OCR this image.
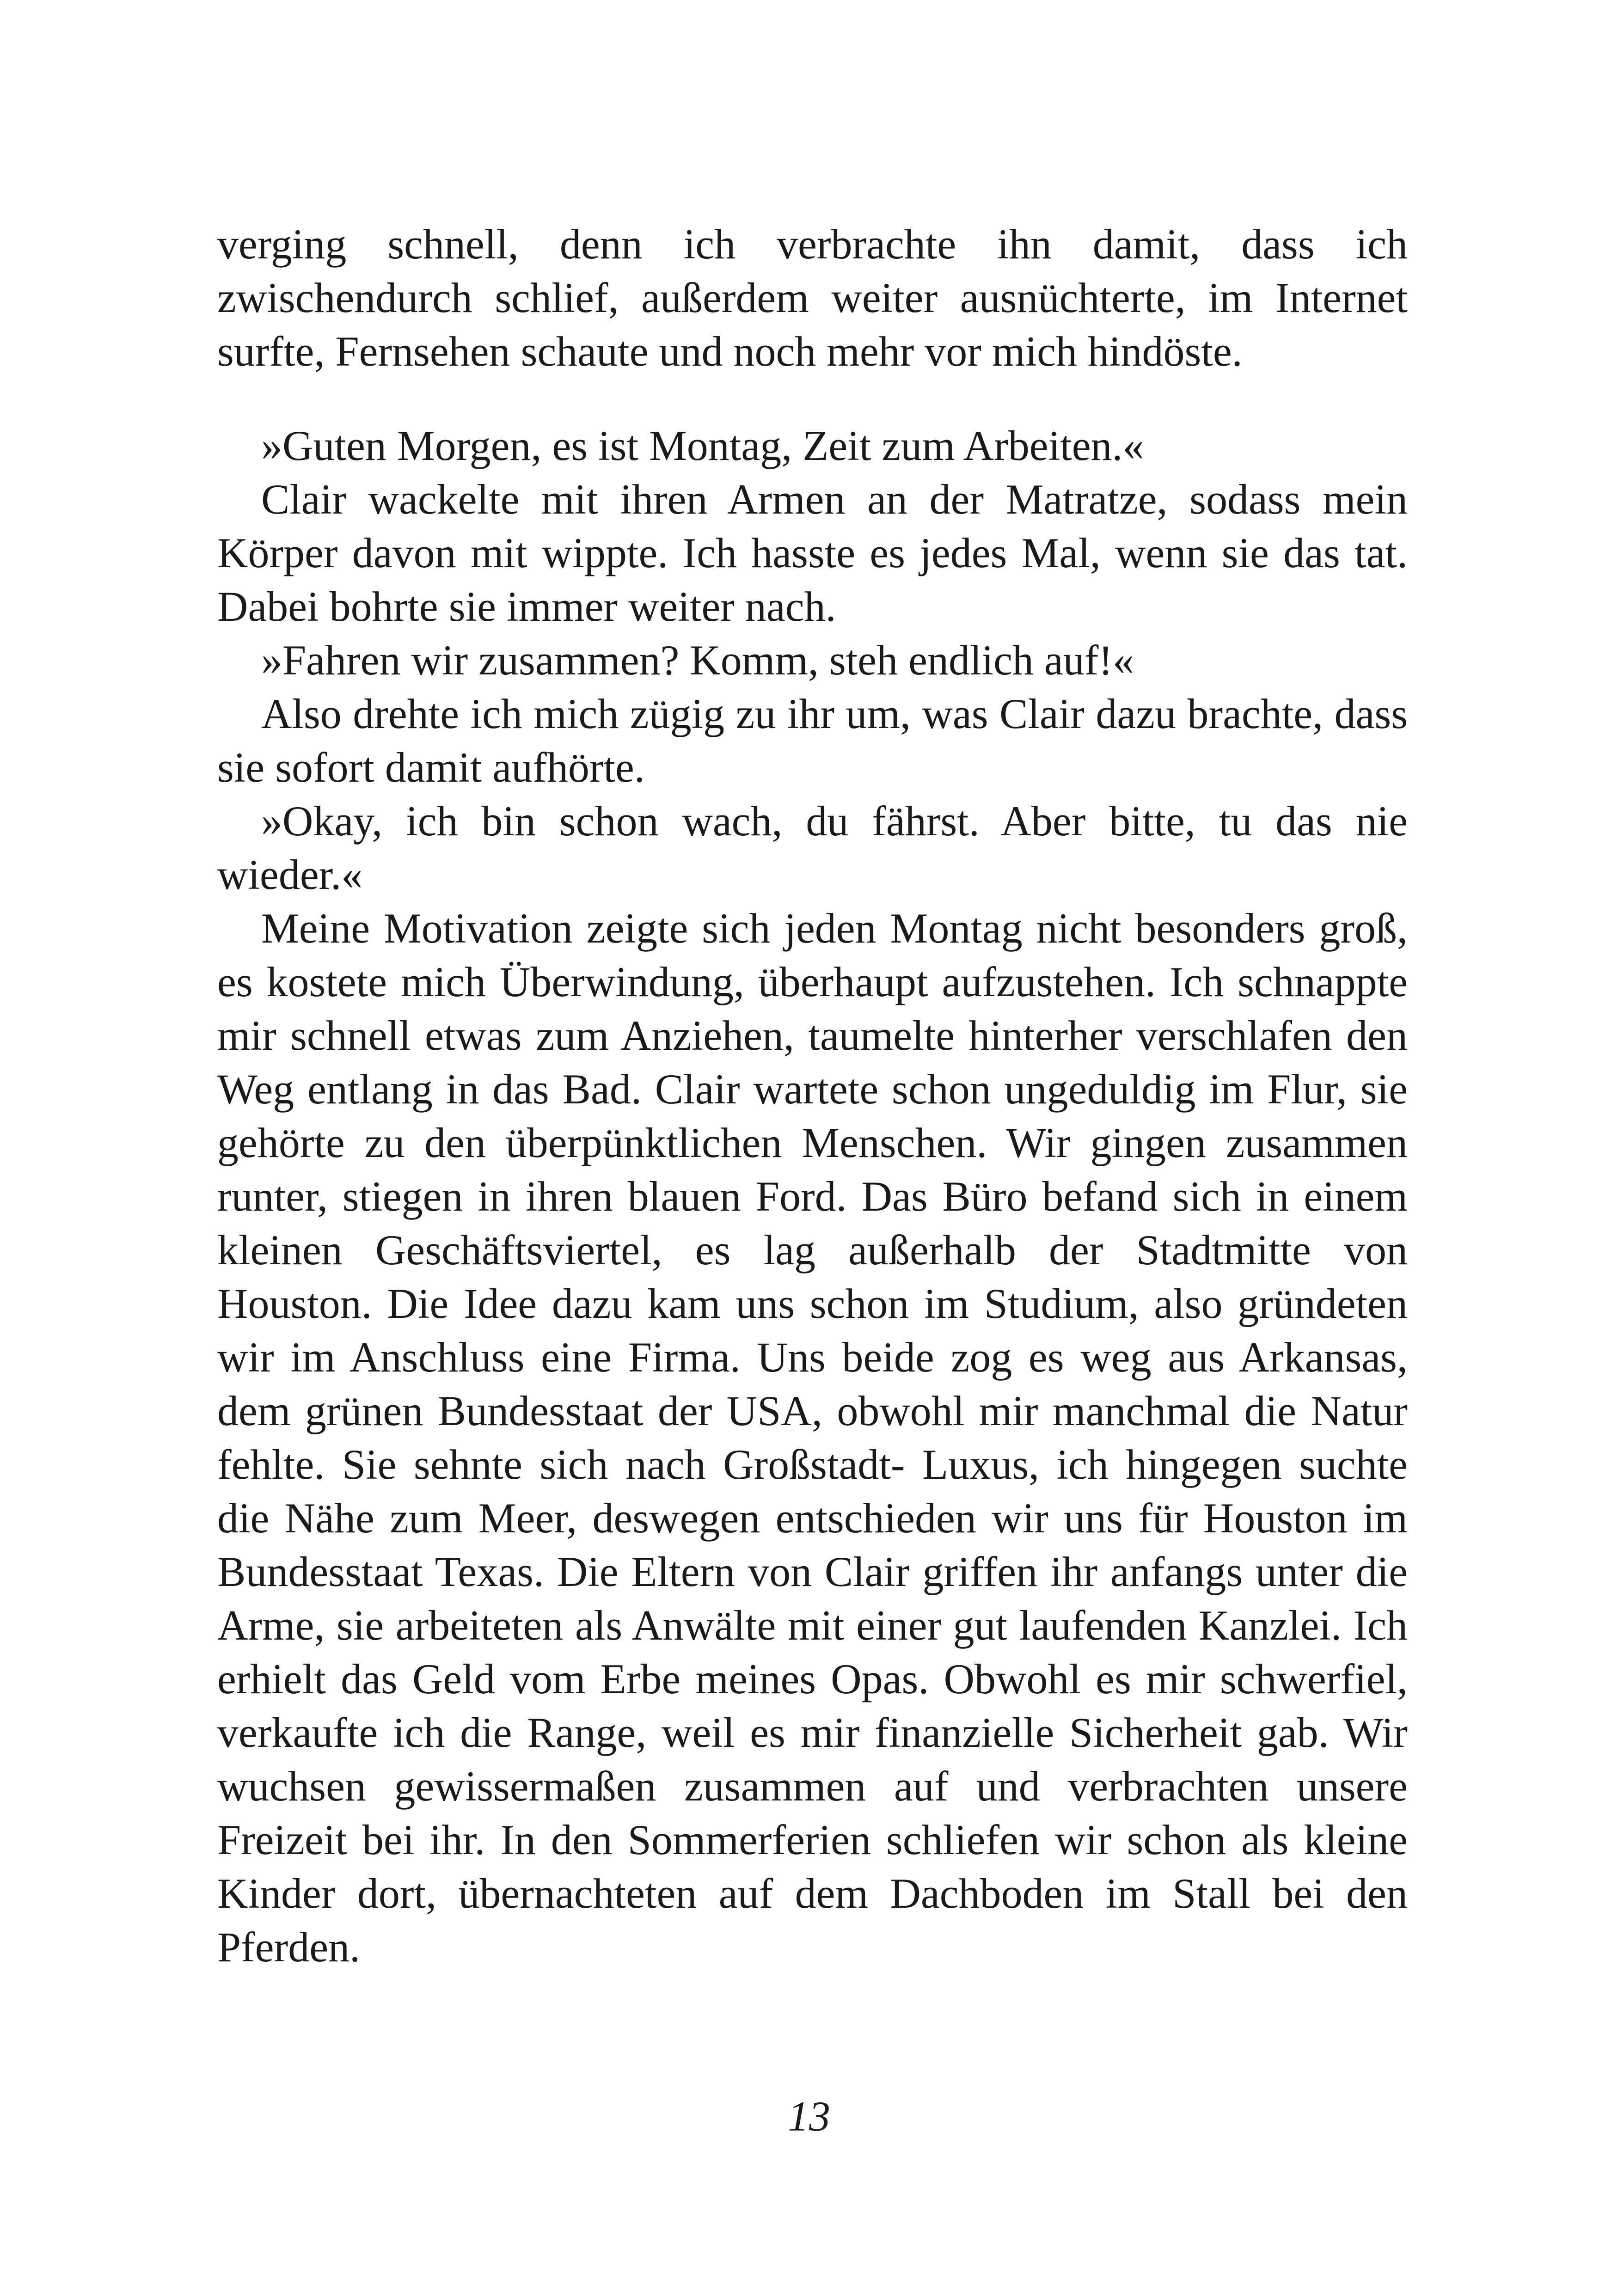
verging schnell, denn ich verbrachte ihn damit, dass ich zwischendurch schlief, außerdem weiter ausnüchterte, im Internet surfte, Fernsehen schaute und noch mehr vor mich hindöste.

»Guten Morgen, es ist Montag, Zeit zum Arbeiten.«

Clair wackelte mit ihren Armen an der Matratze, sodass mein Körper davon mit wippte. Ich hasste es jedes Mal, wenn sie das tat. Dabei bohrte sie immer weiter nach.

»Fahren wir zusammen? Komm, steh endlich auf!«

Also drehte ich mich zügig zu ihr um, was Clair dazu brachte, dass sie sofort damit aufhörte.

»Okay, ich bin schon wach, du fährst. Aber bitte, tu das nie wieder.«

Meine Motivation zeigte sich jeden Montag nicht besonders groß, es kostete mich Überwindung, überhaupt aufzustehen. Ich schnappte mir schnell etwas zum Anziehen, taumelte hinterher verschlafen den Weg entlang in das Bad. Clair wartete schon ungeduldig im Flur, sie gehörte zu den überpünktlichen Menschen. Wir gingen zusammen runter, stiegen in ihren blauen Ford. Das Büro befand sich in einem kleinen Geschäftsviertel, es lag außerhalb der Stadtmitte von Houston. Die Idee dazu kam uns schon im Studium, also gründeten wir im Anschluss eine Firma. Uns beide zog es weg aus Arkansas, dem grünen Bundesstaat der USA, obwohl mir manchmal die Natur fehlte. Sie sehnte sich nach Großstadt- Luxus, ich hingegen suchte die Nähe zum Meer, deswegen entschieden wir uns für Houston im Bundesstaat Texas. Die Eltern von Clair griffen ihr anfangs unter die Arme, sie arbeiteten als Anwälte mit einer gut laufenden Kanzlei. Ich erhielt das Geld vom Erbe meines Opas. Obwohl es mir schwerfiel, verkaufte ich die Range, weil es mir finanzielle Sicherheit gab. Wir wuchsen gewissermaßen zusammen auf und verbrachten unsere Freizeit bei ihr. In den Sommerferien schliefen wir schon als kleine Kinder dort, übernachteten auf dem Dachboden im Stall bei den Pferden.

13
